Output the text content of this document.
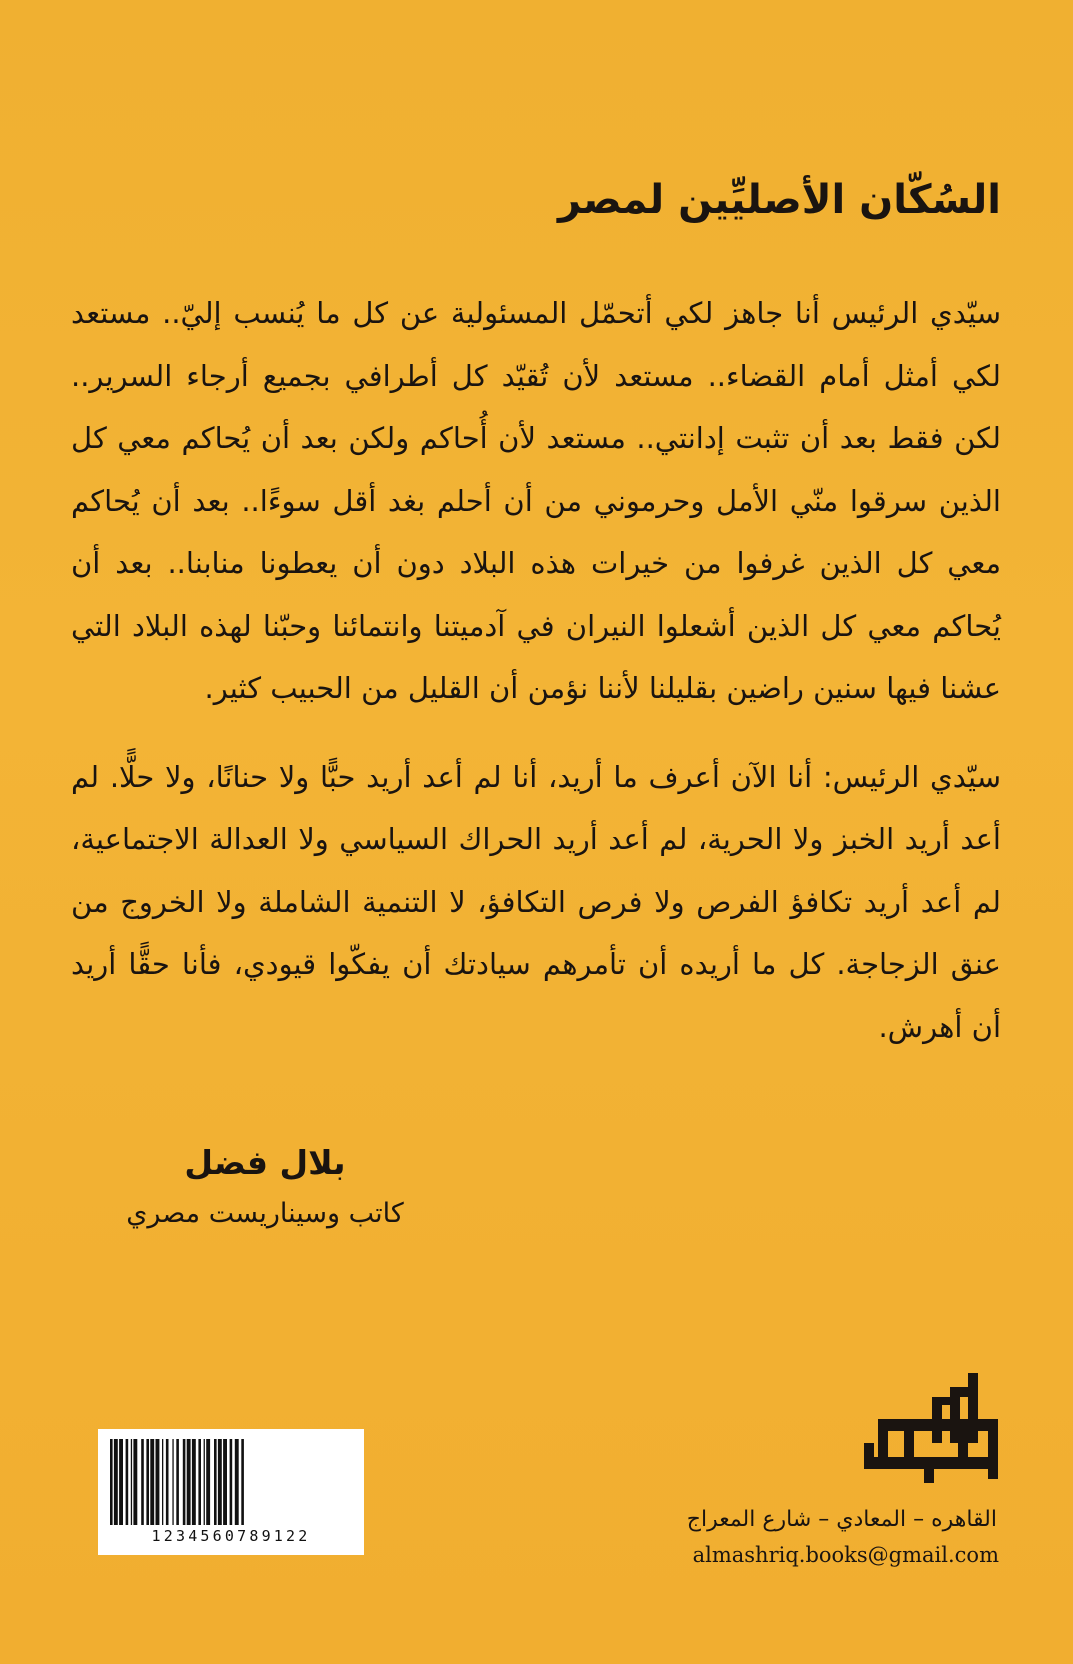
السُكّان الأصليِّين لمصر

سيّدي الرئيس أنا جاهز لكي أتحمّل المسئولية عن كل ما يُنسب إليّ.. مستعد لكي أمثل أمام القضاء.. مستعد لأن تُقيّد كل أطرافي بجميع أرجاء السرير.. لكن فقط بعد أن تثبت إدانتي.. مستعد لأن أُحاكم ولكن بعد أن يُحاكم معي كل الذين سرقوا منّي الأمل وحرموني من أن أحلم بغد أقل سوءًا.. بعد أن يُحاكم معي كل الذين غرفوا من خيرات هذه البلاد دون أن يعطونا منابنا.. بعد أن يُحاكم معي كل الذين أشعلوا النيران في آدميتنا وانتمائنا وحبّنا لهذه البلاد التي عشنا فيها سنين راضين بقليلنا لأننا نؤمن أن القليل من الحبيب كثير.

سيّدي الرئيس: أنا الآن أعرف ما أريد، أنا لم أعد أريد حبًّا ولا حنانًا، ولا حلًّا. لم أعد أريد الخبز ولا الحرية، لم أعد أريد الحراك السياسي ولا العدالة الاجتماعية، لم أعد أريد تكافؤ الفرص ولا فرص التكافؤ، لا التنمية الشاملة ولا الخروج من عنق الزجاجة. كل ما أريده أن تأمرهم سيادتك أن يفكّوا قيودي، فأنا حقًّا أريد أن أهرش.

بلال فضل
كاتب وسيناريست مصري
1234560789122
القاهره – المعادي – شارع المعراج
almashriq.books@gmail.com
